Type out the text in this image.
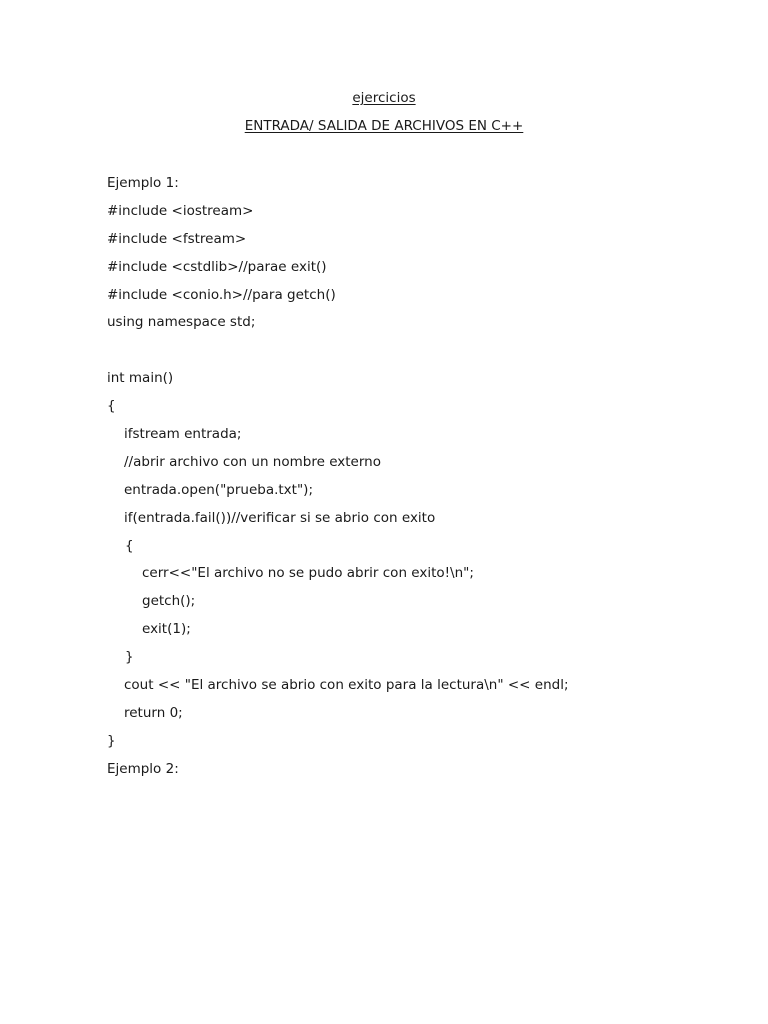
ejercicios
ENTRADA/ SALIDA DE ARCHIVOS EN C++
Ejemplo 1:
#include <iostream>
#include <fstream>
#include <cstdlib>//parae exit()
#include <conio.h>//para getch()
using namespace std;
int main()
{
ifstream entrada;
//abrir archivo con un nombre externo
entrada.open("prueba.txt");
if(entrada.fail())//verificar si se abrio con exito
{
cerr<<"El archivo no se pudo abrir con exito!\n";
getch();
exit(1);
}
cout << "El archivo se abrio con exito para la lectura\n" << endl;
return 0;
}
Ejemplo 2:
